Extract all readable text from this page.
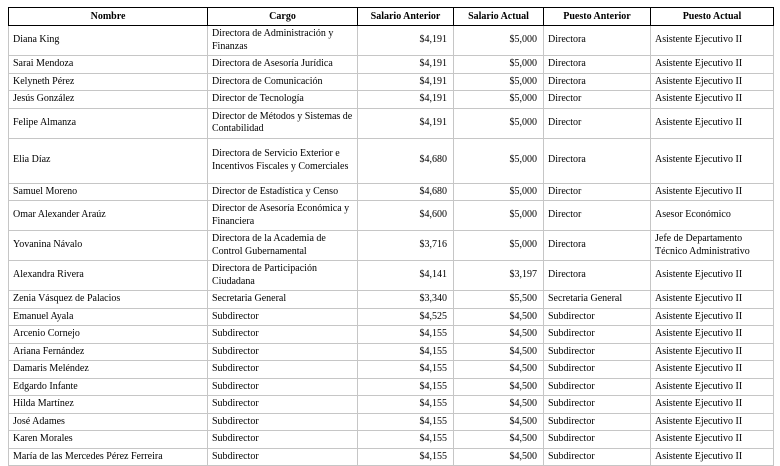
Nombre	Cargo	Salario Anterior	Salario Actual	Puesto Anterior	Puesto Actual
Diana King	Directora de Administración y Finanzas	$4,191	$5,000	Directora	Asistente Ejecutivo II
Sarai Mendoza	Directora de Asesoría Jurídica	$4,191	$5,000	Directora	Asistente Ejecutivo II
Kelyneth Pérez	Directora de Comunicación	$4,191	$5,000	Directora	Asistente Ejecutivo II
Jesús González	Director de Tecnología	$4,191	$5,000	Director	Asistente Ejecutivo II
Felipe Almanza	Director de Métodos y Sistemas de Contabilidad	$4,191	$5,000	Director	Asistente Ejecutivo II
Elia Díaz	Directora de Servicio Exterior e Incentivos Fiscales y Comerciales	$4,680	$5,000	Directora	Asistente Ejecutivo II
Samuel Moreno	Director de Estadística y Censo	$4,680	$5,000	Director	Asistente Ejecutivo II
Omar Alexander Araúz	Director de Asesoría Económica y Financiera	$4,600	$5,000	Director	Asesor Económico
Yovanina Návalo	Directora de la Academia de Control Gubernamental	$3,716	$5,000	Directora	Jefe de Departamento Técnico Administrativo
Alexandra Rivera	Directora de Participación Ciudadana	$4,141	$3,197	Directora	Asistente Ejecutivo II
Zenia Vásquez de Palacios	Secretaria General	$3,340	$5,500	Secretaria General	Asistente Ejecutivo II
Emanuel Ayala	Subdirector	$4,525	$4,500	Subdirector	Asistente Ejecutivo II
Arcenio Cornejo	Subdirector	$4,155	$4,500	Subdirector	Asistente Ejecutivo II
Ariana Fernández	Subdirector	$4,155	$4,500	Subdirector	Asistente Ejecutivo II
Damaris Meléndez	Subdirector	$4,155	$4,500	Subdirector	Asistente Ejecutivo II
Edgardo Infante	Subdirector	$4,155	$4,500	Subdirector	Asistente Ejecutivo II
Hilda Martínez	Subdirector	$4,155	$4,500	Subdirector	Asistente Ejecutivo II
José Adames	Subdirector	$4,155	$4,500	Subdirector	Asistente Ejecutivo II
Karen Morales	Subdirector	$4,155	$4,500	Subdirector	Asistente Ejecutivo II
María de las Mercedes Pérez Ferreira	Subdirector	$4,155	$4,500	Subdirector	Asistente Ejecutivo II
